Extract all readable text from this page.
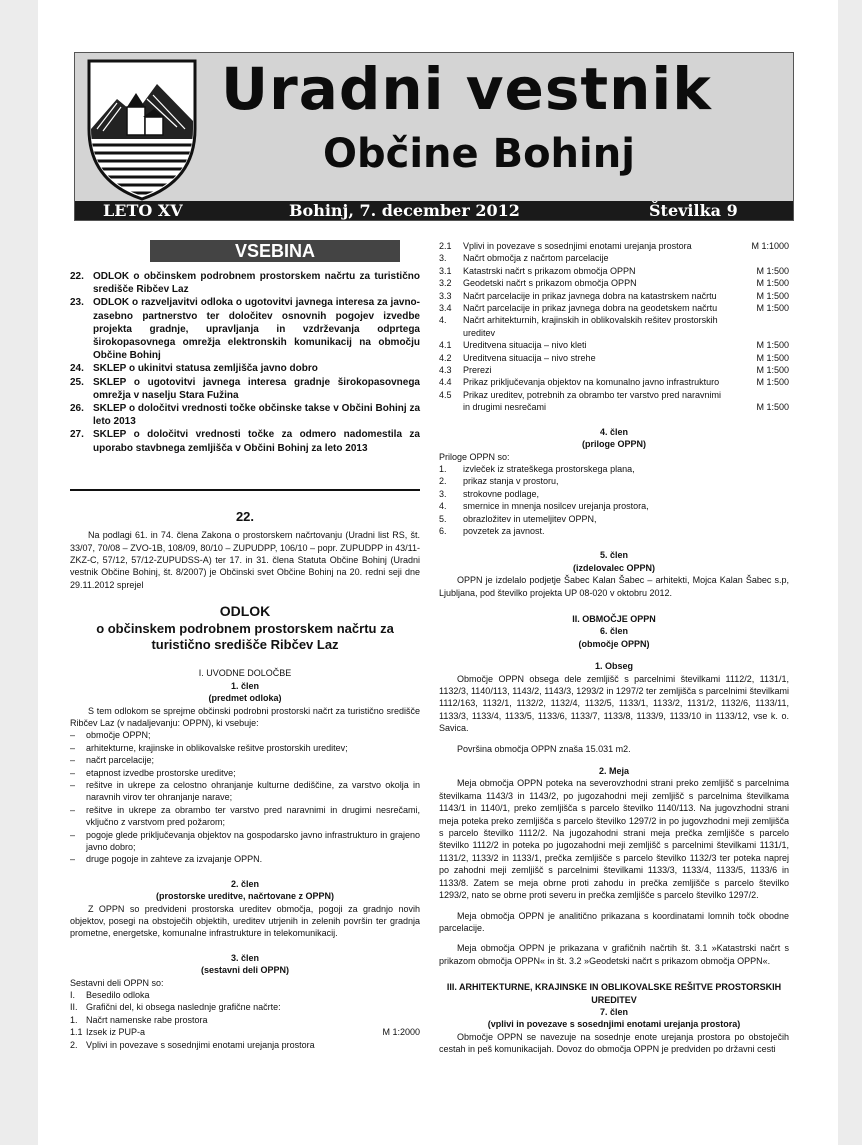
Uradni vestnik
Občine Bohinj
LETO XV	Bohinj, 7. december 2012	Številka 9
VSEBINA
22. ODLOK o občinskem podrobnem prostorskem načrtu za turistično središče Ribčev Laz
23. ODLOK o razveljavitvi odloka o ugotovitvi javnega interesa za javno-zasebno partnerstvo ter določitev osnovnih pogojev izvedbe projekta gradnje, upravljanja in vzdrževanja odprtega širokopasovnega omrežja elektronskih komunikacij na območju Občine Bohinj
24. SKLEP o ukinitvi statusa zemljišča javno dobro
25. SKLEP o ugotovitvi javnega interesa gradnje širokopasovnega omrežja v naselju Stara Fužina
26. SKLEP o določitvi vrednosti točke občinske takse v Občini Bohinj za leto 2013
27. SKLEP o določitvi vrednosti točke za odmero nadomestila za uporabo stavbnega zemljišča v Občini Bohinj za leto 2013
22.
Na podlagi 61. in 74. člena Zakona o prostorskem načrtovanju (Uradni list RS, št. 33/07, 70/08 – ZVO-1B, 108/09, 80/10 – ZUPUDPP, 106/10 – popr. ZUPUDPP in 43/11-ZKZ-C, 57/12, 57/12-ZUPUDSS-A) ter 17. in 31. člena Statuta Občine Bohinj (Uradni vestnik Občine Bohinj, št. 8/2007) je Občinski svet Občine Bohinj na 20. redni seji dne 29.11.2012 sprejel
ODLOK
o občinskem podrobnem prostorskem načrtu za turistično središče Ribčev Laz
I. UVODNE DOLOČBE
1. člen
(predmet odloka)
S tem odlokom se sprejme občinski podrobni prostorski načrt za turistično središče Ribčev Laz (v nadaljevanju: OPPN), ki vsebuje:
– območje OPPN;
– arhitekturne, krajinske in oblikovalske rešitve prostorskih ureditev;
– načrt parcelacije;
– etapnost izvedbe prostorske ureditve;
– rešitve in ukrepe za celostno ohranjanje kulturne dediščine, za varstvo okolja in naravnih virov ter ohranjanje narave;
– rešitve in ukrepe za obrambo ter varstvo pred naravnimi in drugimi nesrečami, vključno z varstvom pred požarom;
– pogoje glede priključevanja objektov na gospodarsko javno infrastrukturo in grajeno javno dobro;
– druge pogoje in zahteve za izvajanje OPPN.
2. člen
(prostorske ureditve, načrtovane z OPPN)
Z OPPN so predvideni prostorska ureditev območja, pogoji za gradnjo novih objektov, posegi na obstoječih objektih, ureditev utrjenih in zelenih površin ter gradnja prometne, energetske, komunalne infrastrukture in telekomunikacij.
3. člen
(sestavni deli OPPN)
Sestavni deli OPPN so:
I. Besedilo odloka
II. Grafični del, ki obsega naslednje grafične načrte:
1. Načrt namenske rabe prostora
1.1 Izsek iz PUP-a	M 1:2000
2. Vplivi in povezave s sosednjimi enotami urejanja prostora
2.1 Vplivi in povezave s sosednjimi enotami urejanja prostora	M 1:1000
3. Načrt območja z načrtom parcelacije
3.1 Katastrski načrt s prikazom območja OPPN	M 1:500
3.2 Geodetski načrt s prikazom območja OPPN	M 1:500
3.3 Načrt parcelacije in prikaz javnega dobra na katastrskem načrtu	M 1:500
3.4 Načrt parcelacije in prikaz javnega dobra na geodetskem načrtu	M 1:500
4. Načrt arhitekturnih, krajinskih in oblikovalskih rešitev prostorskih ureditev
4.1 Ureditvena situacija – nivo kleti	M 1:500
4.2 Ureditvena situacija – nivo strehe	M 1:500
4.3 Prerezi	M 1:500
4.4 Prikaz priključevanja objektov na komunalno javno infrastrukturo	M 1:500
4.5 Prikaz ureditev, potrebnih za obrambo ter varstvo pred naravnimi in drugimi nesrečami	M 1:500
4. člen
(priloge OPPN)
Priloge OPPN so:
1. izvleček iz strateškega prostorskega plana,
2. prikaz stanja v prostoru,
3. strokovne podlage,
4. smernice in mnenja nosilcev urejanja prostora,
5. obrazložitev in utemeljitev OPPN,
6. povzetek za javnost.
5. člen
(izdelovalec OPPN)
OPPN je izdelalo podjetje Šabec Kalan Šabec – arhitekti, Mojca Kalan Šabec s.p, Ljubljana, pod številko projekta UP 08-020 v oktobru 2012.
II. OBMOČJE OPPN
6. člen
(območje OPPN)
1. Obseg
Območje OPPN obsega dele zemljišč s parcelnimi številkami 1112/2, 1131/1, 1132/3, 1140/113, 1143/2, 1143/3, 1293/2 in 1297/2 ter zemljišča s parcelnimi številkami 1112/163, 1132/1, 1132/2, 1132/4, 1132/5, 1133/1, 1133/2, 1131/2, 1132/6, 1133/11, 1133/3, 1133/4, 1133/5, 1133/6, 1133/7, 1133/8, 1133/9, 1133/10 in 1133/12, vse k. o. Savica.
Površina območja OPPN znaša 15.031 m2.
2. Meja
Meja območja OPPN poteka na severovzhodni strani preko zemljišč s parcelnima številkama 1143/3 in 1143/2, po jugozahodni meji zemljišč s parcelnima številkama 1143/1 in 1140/1, preko zemljišča s parcelo številko 1140/113. Na jugovzhodni strani meja poteka preko zemljišča s parcelo številko 1297/2 in po jugovzhodni meji zemljišča s parcelo številko 1112/2. Na jugozahodni strani meja prečka zemljišče s parcelo številko 1112/2 in poteka po jugozahodni meji zemljišč s parcelnimi številkami 1131/1, 1131/2, 1133/2 in 1133/1, prečka zemljišče s parcelo številko 1132/3 ter poteka naprej po zahodni meji zemljišč s parcelnimi številkami 1133/3, 1133/4, 1133/5, 1133/6 in 1133/8. Zatem se meja obrne proti zahodu in prečka zemljišče s parcelo številko 1293/2, nato se obrne proti severu in prečka zemljišče s parcelo številko 1297/2.
Meja območja OPPN je analitično prikazana s koordinatami lomnih točk obodne parcelacije.
Meja območja OPPN je prikazana v grafičnih načrtih št. 3.1 »Katastrski načrt s prikazom območja OPPN« in št. 3.2 »Geodetski načrt s prikazom območja OPPN«.
III. ARHITEKTURNE, KRAJINSKE IN OBLIKOVALSKE REŠITVE PROSTORSKIH UREDITEV
7. člen
(vplivi in povezave s sosednjimi enotami urejanja prostora)
Območje OPPN se navezuje na sosednje enote urejanja prostora po obstoječih cestah in peš komunikacijah. Dovoz do območja OPPN je predviden po državni cesti
